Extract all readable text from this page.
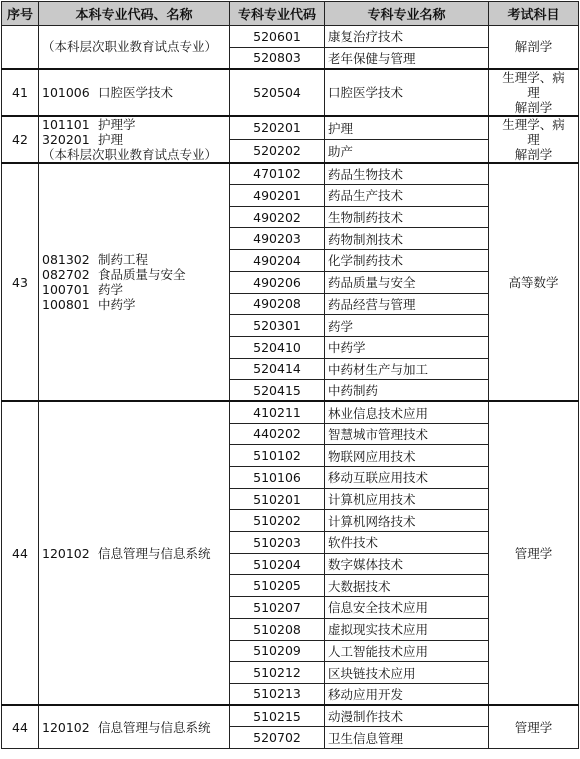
序号	本科专业代码、名称	专科专业代码	专科专业名称	考试科目

	（本科层次职业教育试点专业）	520601	康复治疗技术	解剖学

		520803	老年保健与管理	
41	101006 口腔医学技术	520504	口腔医学技术	生理学、病
理
解剖学

42	101101 护理学
320201 护理
（本科层次职业教育试点专业）	520201	护理	生理学、病
理
解剖学

		520202	助产	
43	081302 制药工程
082702 食品质量与安全
100701 药学
100801 中药学	470102	药品生物技术	高等数学

		490201	药品生产技术	
		490202	生物制药技术	
		490203	药物制剂技术	
		490204	化学制药技术	
		490206	药品质量与安全	
		490208	药品经营与管理	
		520301	药学	
		520410	中药学	
		520414	中药材生产与加工	
		520415	中药制药	
44	120102 信息管理与信息系统	410211	林业信息技术应用	管理学

		440202	智慧城市管理技术	
		510102	物联网应用技术	
		510106	移动互联应用技术	
		510201	计算机应用技术	
		510202	计算机网络技术	
		510203	软件技术	
		510204	数字媒体技术	
		510205	大数据技术	
		510207	信息安全技术应用	
		510208	虚拟现实技术应用	
		510209	人工智能技术应用	
		510212	区块链技术应用	
		510213	移动应用开发	
44	120102 信息管理与信息系统	510215	动漫制作技术	管理学

		520702	卫生信息管理	
